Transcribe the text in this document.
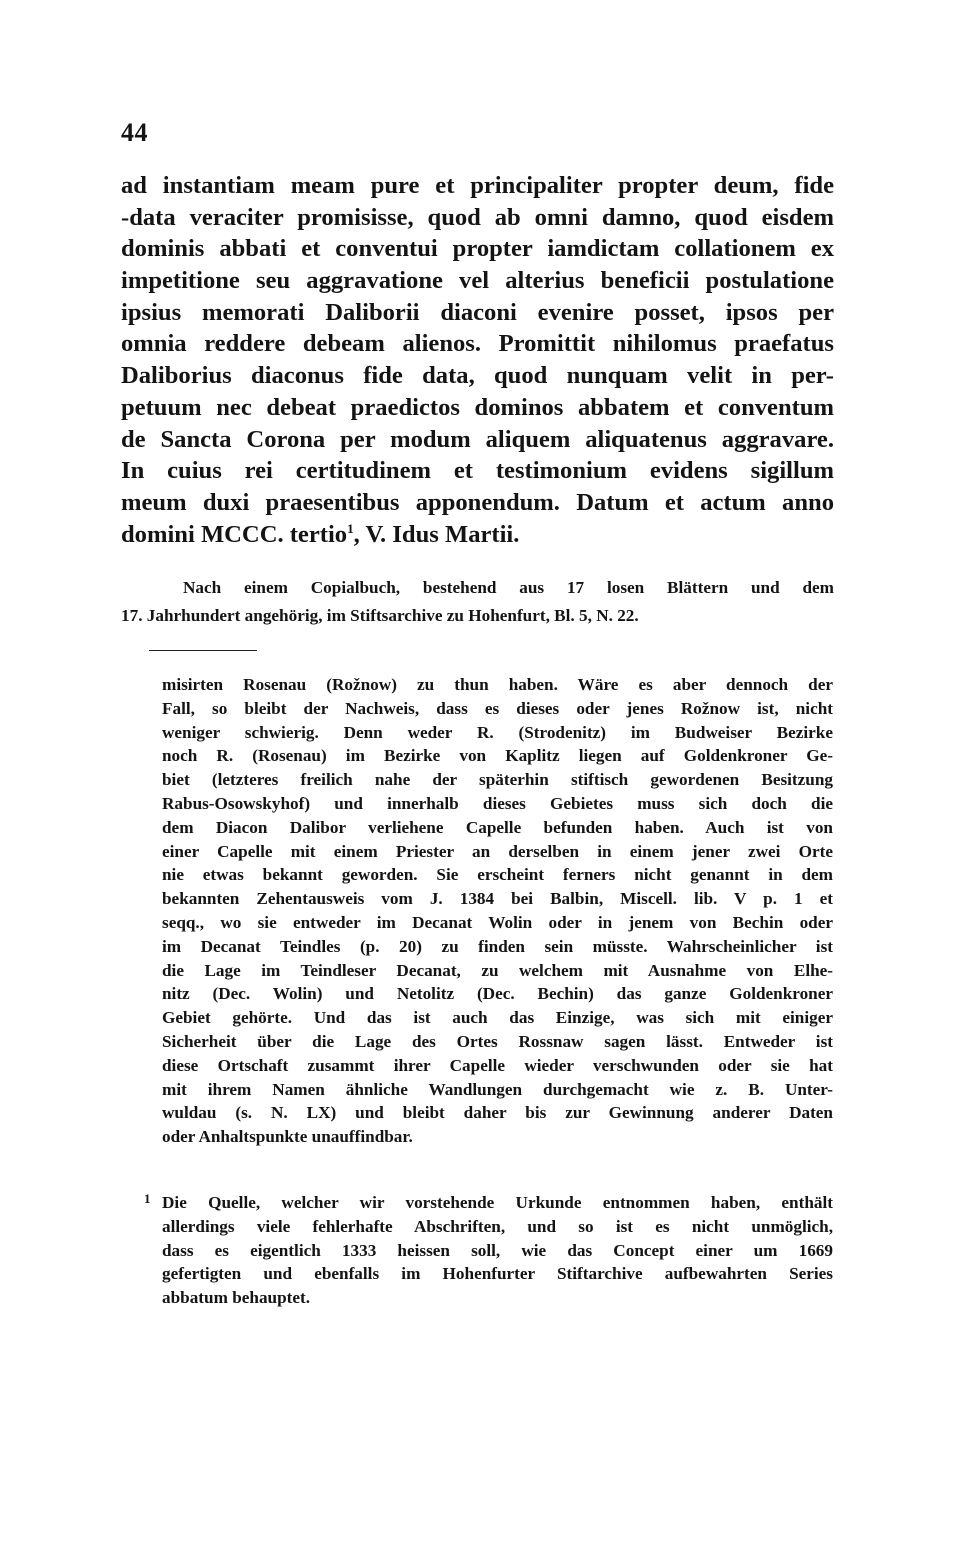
44
ad instantiam meam pure et principaliter propter deum, fide
-data veraciter promisisse, quod ab omni damno, quod eisdem
dominis abbati et conventui propter iamdictam collationem ex
impetitione seu aggravatione vel alterius beneficii postulatione
ipsius memorati Daliborii diaconi evenire posset, ipsos per
omnia reddere debeam alienos. Promittit nihilomus praefatus
Daliborius diaconus fide data, quod nunquam velit in per-
petuum nec debeat praedictos dominos abbatem et conventum
de Sancta Corona per modum aliquem aliquatenus aggravare.
In cuius rei certitudinem et testimonium evidens sigillum
meum duxi praesentibus apponendum. Datum et actum anno
domini MCCC. tertio$^1$, V. Idus Martii.
Nach einem Copialbuch, bestehend aus 17 losen Blättern und dem
17. Jahrhundert angehörig, im Stiftsarchive zu Hohenfurt, Bl. 5, N. 22.
misirten Rosenau (Rožnow) zu thun haben. Wäre es aber dennoch der
Fall, so bleibt der Nachweis, dass es dieses oder jenes Rožnow ist, nicht
weniger schwierig. Denn weder R. (Strodenitz) im Budweiser Bezirke
noch R. (Rosenau) im Bezirke von Kaplitz liegen auf Goldenkroner Ge-
biet (letzteres freilich nahe der späterhin stiftisch gewordenen Besitzung
Rabus-Osowskyhof) und innerhalb dieses Gebietes muss sich doch die
dem Diacon Dalibor verliehene Capelle befunden haben. Auch ist von
einer Capelle mit einem Priester an derselben in einem jener zwei Orte
nie etwas bekannt geworden. Sie erscheint ferners nicht genannt in dem
bekannten Zehentausweis vom J. 1384 bei Balbin, Miscell. lib. V p. 1 et
seqq., wo sie entweder im Decanat Wolin oder in jenem von Bechin oder
im Decanat Teindles (p. 20) zu finden sein müsste. Wahrscheinlicher ist
die Lage im Teindleser Decanat, zu welchem mit Ausnahme von Elhe-
nitz (Dec. Wolin) und Netolitz (Dec. Bechin) das ganze Goldenkroner
Gebiet gehörte. Und das ist auch das Einzige, was sich mit einiger
Sicherheit über die Lage des Ortes Rossnaw sagen lässt. Entweder ist
diese Ortschaft zusammt ihrer Capelle wieder verschwunden oder sie hat
mit ihrem Namen ähnliche Wandlungen durchgemacht wie z. B. Unter-
wuldau (s. N. LX) und bleibt daher bis zur Gewinnung anderer Daten
oder Anhaltspunkte unauffindbar.
1 Die Quelle, welcher wir vorstehende Urkunde entnommen haben, enthält
allerdings viele fehlerhafte Abschriften, und so ist es nicht unmöglich,
dass es eigentlich 1333 heissen soll, wie das Concept einer um 1669
gefertigten und ebenfalls im Hohenfurter Stiftarchive aufbewahrten Series
abbatum behauptet.
